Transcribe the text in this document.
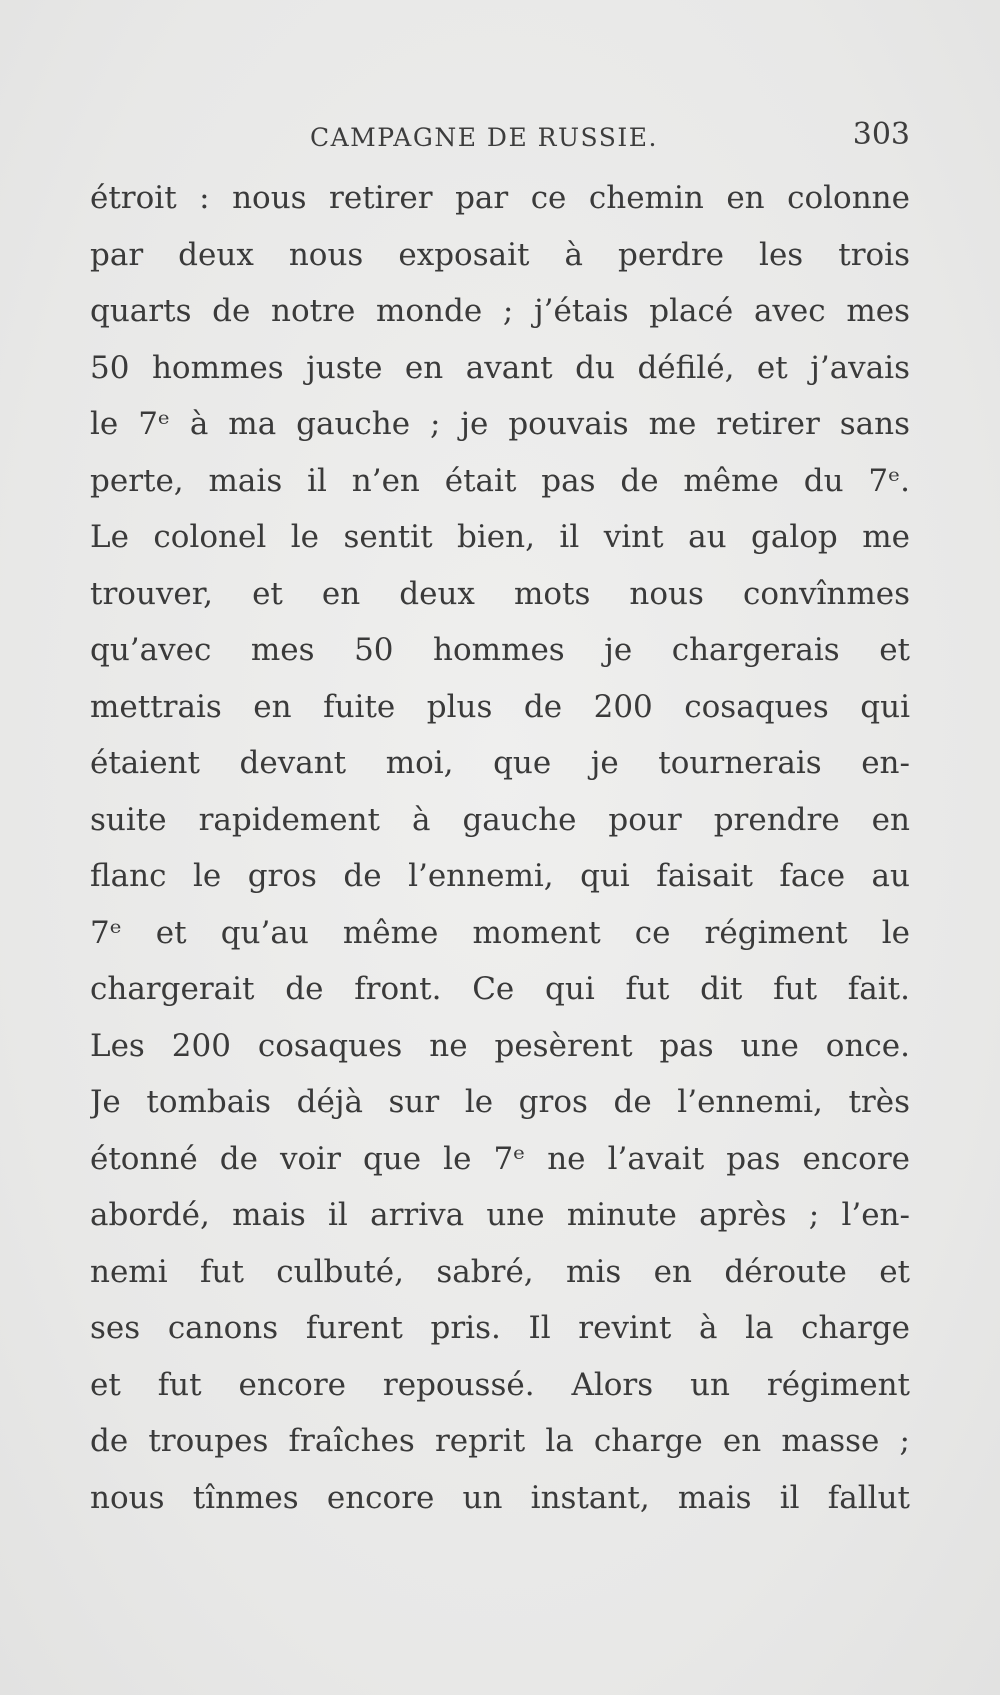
CAMPAGNE DE RUSSIE.	303
étroit : nous retirer par ce chemin en colonne
par deux nous exposait à perdre les trois
quarts de notre monde ; j’étais placé avec mes
50 hommes juste en avant du défilé, et j’avais
le 7ᵉ à ma gauche ; je pouvais me retirer sans
perte, mais il n’en était pas de même du 7ᵉ.
Le colonel le sentit bien, il vint au galop me
trouver, et en deux mots nous convînmes
qu’avec mes 50 hommes je chargerais et
mettrais en fuite plus de 200 cosaques qui
étaient devant moi, que je tournerais en-
suite rapidement à gauche pour prendre en
flanc le gros de l’ennemi, qui faisait face au
7ᵉ et qu’au même moment ce régiment le
chargerait de front. Ce qui fut dit fut fait.
Les 200 cosaques ne pesèrent pas une once.
Je tombais déjà sur le gros de l’ennemi, très
étonné de voir que le 7ᵉ ne l’avait pas encore
abordé, mais il arriva une minute après ; l’en-
nemi fut culbuté, sabré, mis en déroute et
ses canons furent pris. Il revint à la charge
et fut encore repoussé. Alors un régiment
de troupes fraîches reprit la charge en masse ;
nous tînmes encore un instant, mais il fallut
